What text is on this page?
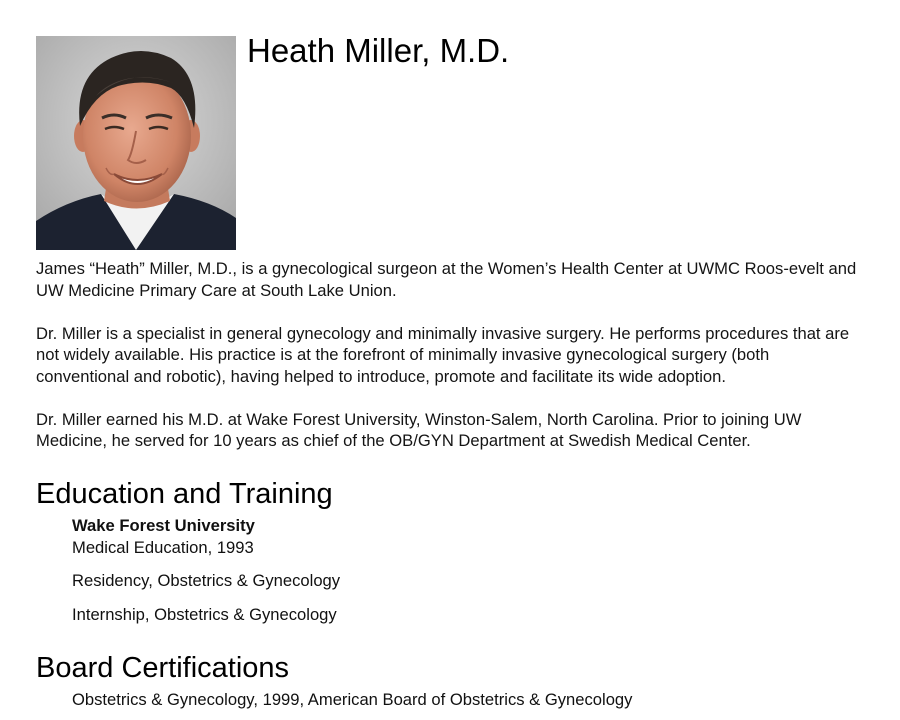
Heath Miller, M.D.

James “Heath” Miller, M.D., is a gynecological surgeon at the Women’s Health Center at UWMC Roos-evelt and UW Medicine Primary Care at South Lake Union.

Dr. Miller is a specialist in general gynecology and minimally invasive surgery. He performs procedures that are not widely available. His practice is at the forefront of minimally invasive gynecological surgery (both conventional and robotic), having helped to introduce, promote and facilitate its wide adoption.

Dr. Miller earned his M.D. at Wake Forest University, Winston-Salem, North Carolina. Prior to joining UW Medicine, he served for 10 years as chief of the OB/GYN Department at Swedish Medical Center.

Education and Training
Wake Forest University
Medical Education, 1993
Residency, Obstetrics & Gynecology
Internship, Obstetrics & Gynecology
Board Certifications
Obstetrics & Gynecology, 1999, American Board of Obstetrics & Gynecology
